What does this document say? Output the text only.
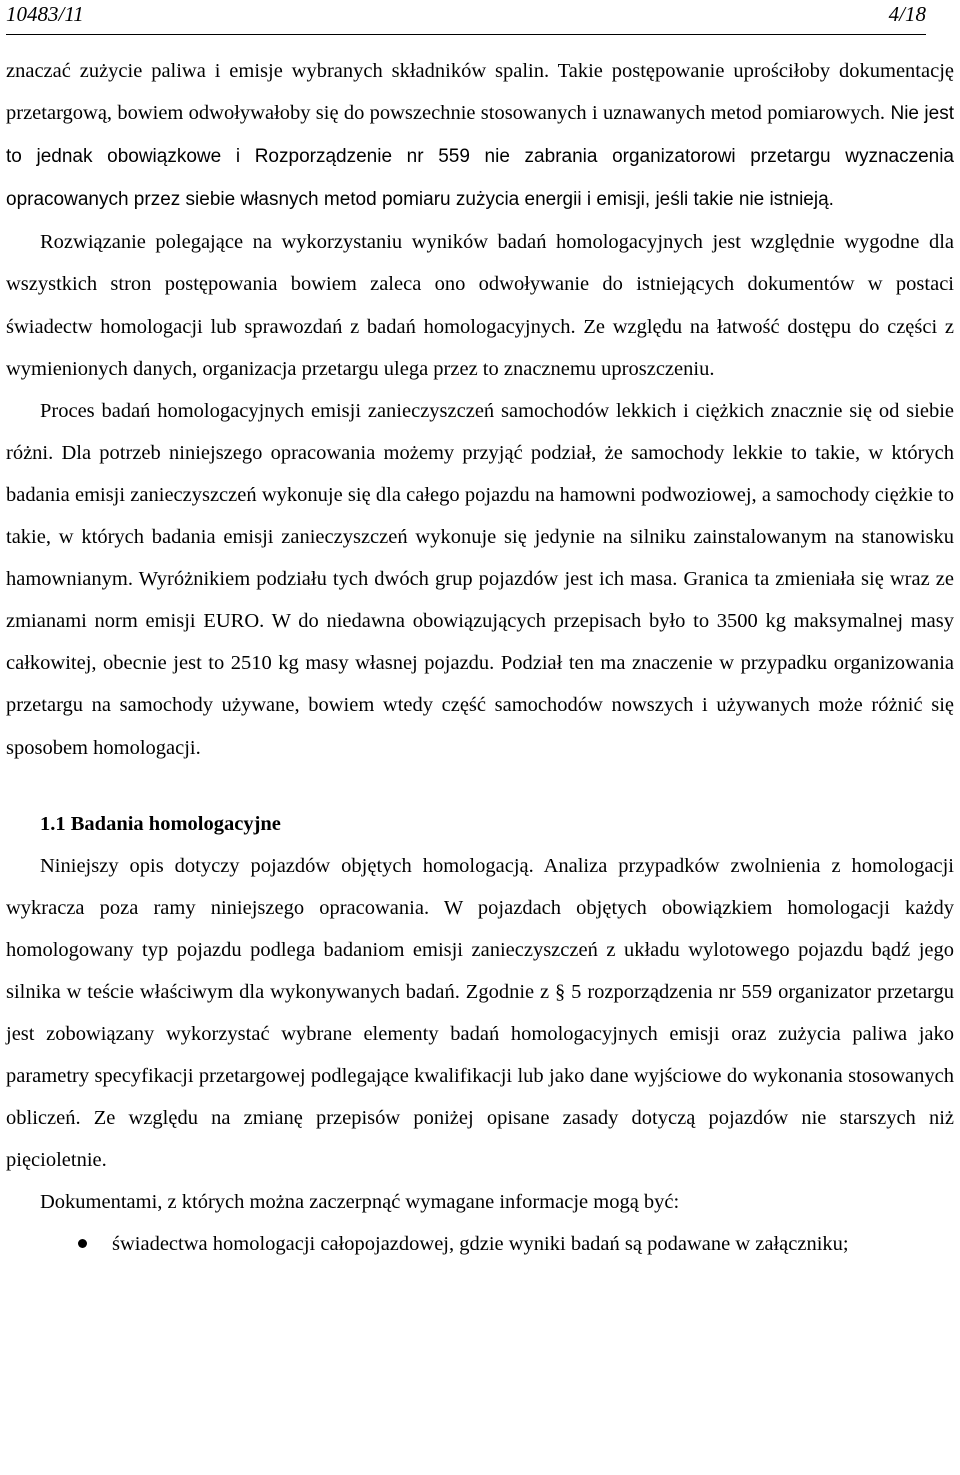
10483/11	4/18

znaczać zużycie paliwa i emisje wybranych składników spalin. Takie postępowanie uprościłoby dokumentację przetargową, bowiem odwoływałoby się do powszechnie stosowanych i uznawanych metod pomiarowych. Nie jest to jednak obowiązkowe i Rozporządzenie nr 559 nie zabrania organizatorowi przetargu wyznaczenia opracowanych przez siebie własnych metod pomiaru zużycia energii i emisji, jeśli takie nie istnieją.

Rozwiązanie polegające na wykorzystaniu wyników badań homologacyjnych jest względnie wygodne dla wszystkich stron postępowania bowiem zaleca ono odwoływanie do istniejących dokumentów w postaci świadectw homologacji lub sprawozdań z badań homologacyjnych. Ze względu na łatwość dostępu do części z wymienionych danych, organizacja przetargu ulega przez to znacznemu uproszczeniu.

Proces badań homologacyjnych emisji zanieczyszczeń samochodów lekkich i ciężkich znacznie się od siebie różni. Dla potrzeb niniejszego opracowania możemy przyjąć podział, że samochody lekkie to takie, w których badania emisji zanieczyszczeń wykonuje się dla całego pojazdu na hamowni podwoziowej, a samochody ciężkie to takie, w których badania emisji zanieczyszczeń wykonuje się jedynie na silniku zainstalowanym na stanowisku hamownianym. Wyróżnikiem podziału tych dwóch grup pojazdów jest ich masa. Granica ta zmieniała się wraz ze zmianami norm emisji EURO. W do niedawna obowiązujących przepisach było to 3500 kg maksymalnej masy całkowitej, obecnie jest to 2510 kg masy własnej pojazdu. Podział ten ma znaczenie w przypadku organizowania przetargu na samochody używane, bowiem wtedy część samochodów nowszych i używanych może różnić się sposobem homologacji.

1.1 Badania homologacyjne

Niniejszy opis dotyczy pojazdów objętych homologacją. Analiza przypadków zwolnienia z homologacji wykracza poza ramy niniejszego opracowania. W pojazdach objętych obowiązkiem homologacji każdy homologowany typ pojazdu podlega badaniom emisji zanieczyszczeń z układu wylotowego pojazdu bądź jego silnika w teście właściwym dla wykonywanych badań. Zgodnie z § 5 rozporządzenia nr 559 organizator przetargu jest zobowiązany wykorzystać wybrane elementy badań homologacyjnych emisji oraz zużycia paliwa jako parametry specyfikacji przetargowej podlegające kwalifikacji lub jako dane wyjściowe do wykonania stosowanych obliczeń. Ze względu na zmianę przepisów poniżej opisane zasady dotyczą pojazdów nie starszych niż pięcioletnie.

Dokumentami, z których można zaczerpnąć wymagane informacje mogą być:

świadectwa homologacji całopojazdowej, gdzie wyniki badań są podawane w załączniku;
